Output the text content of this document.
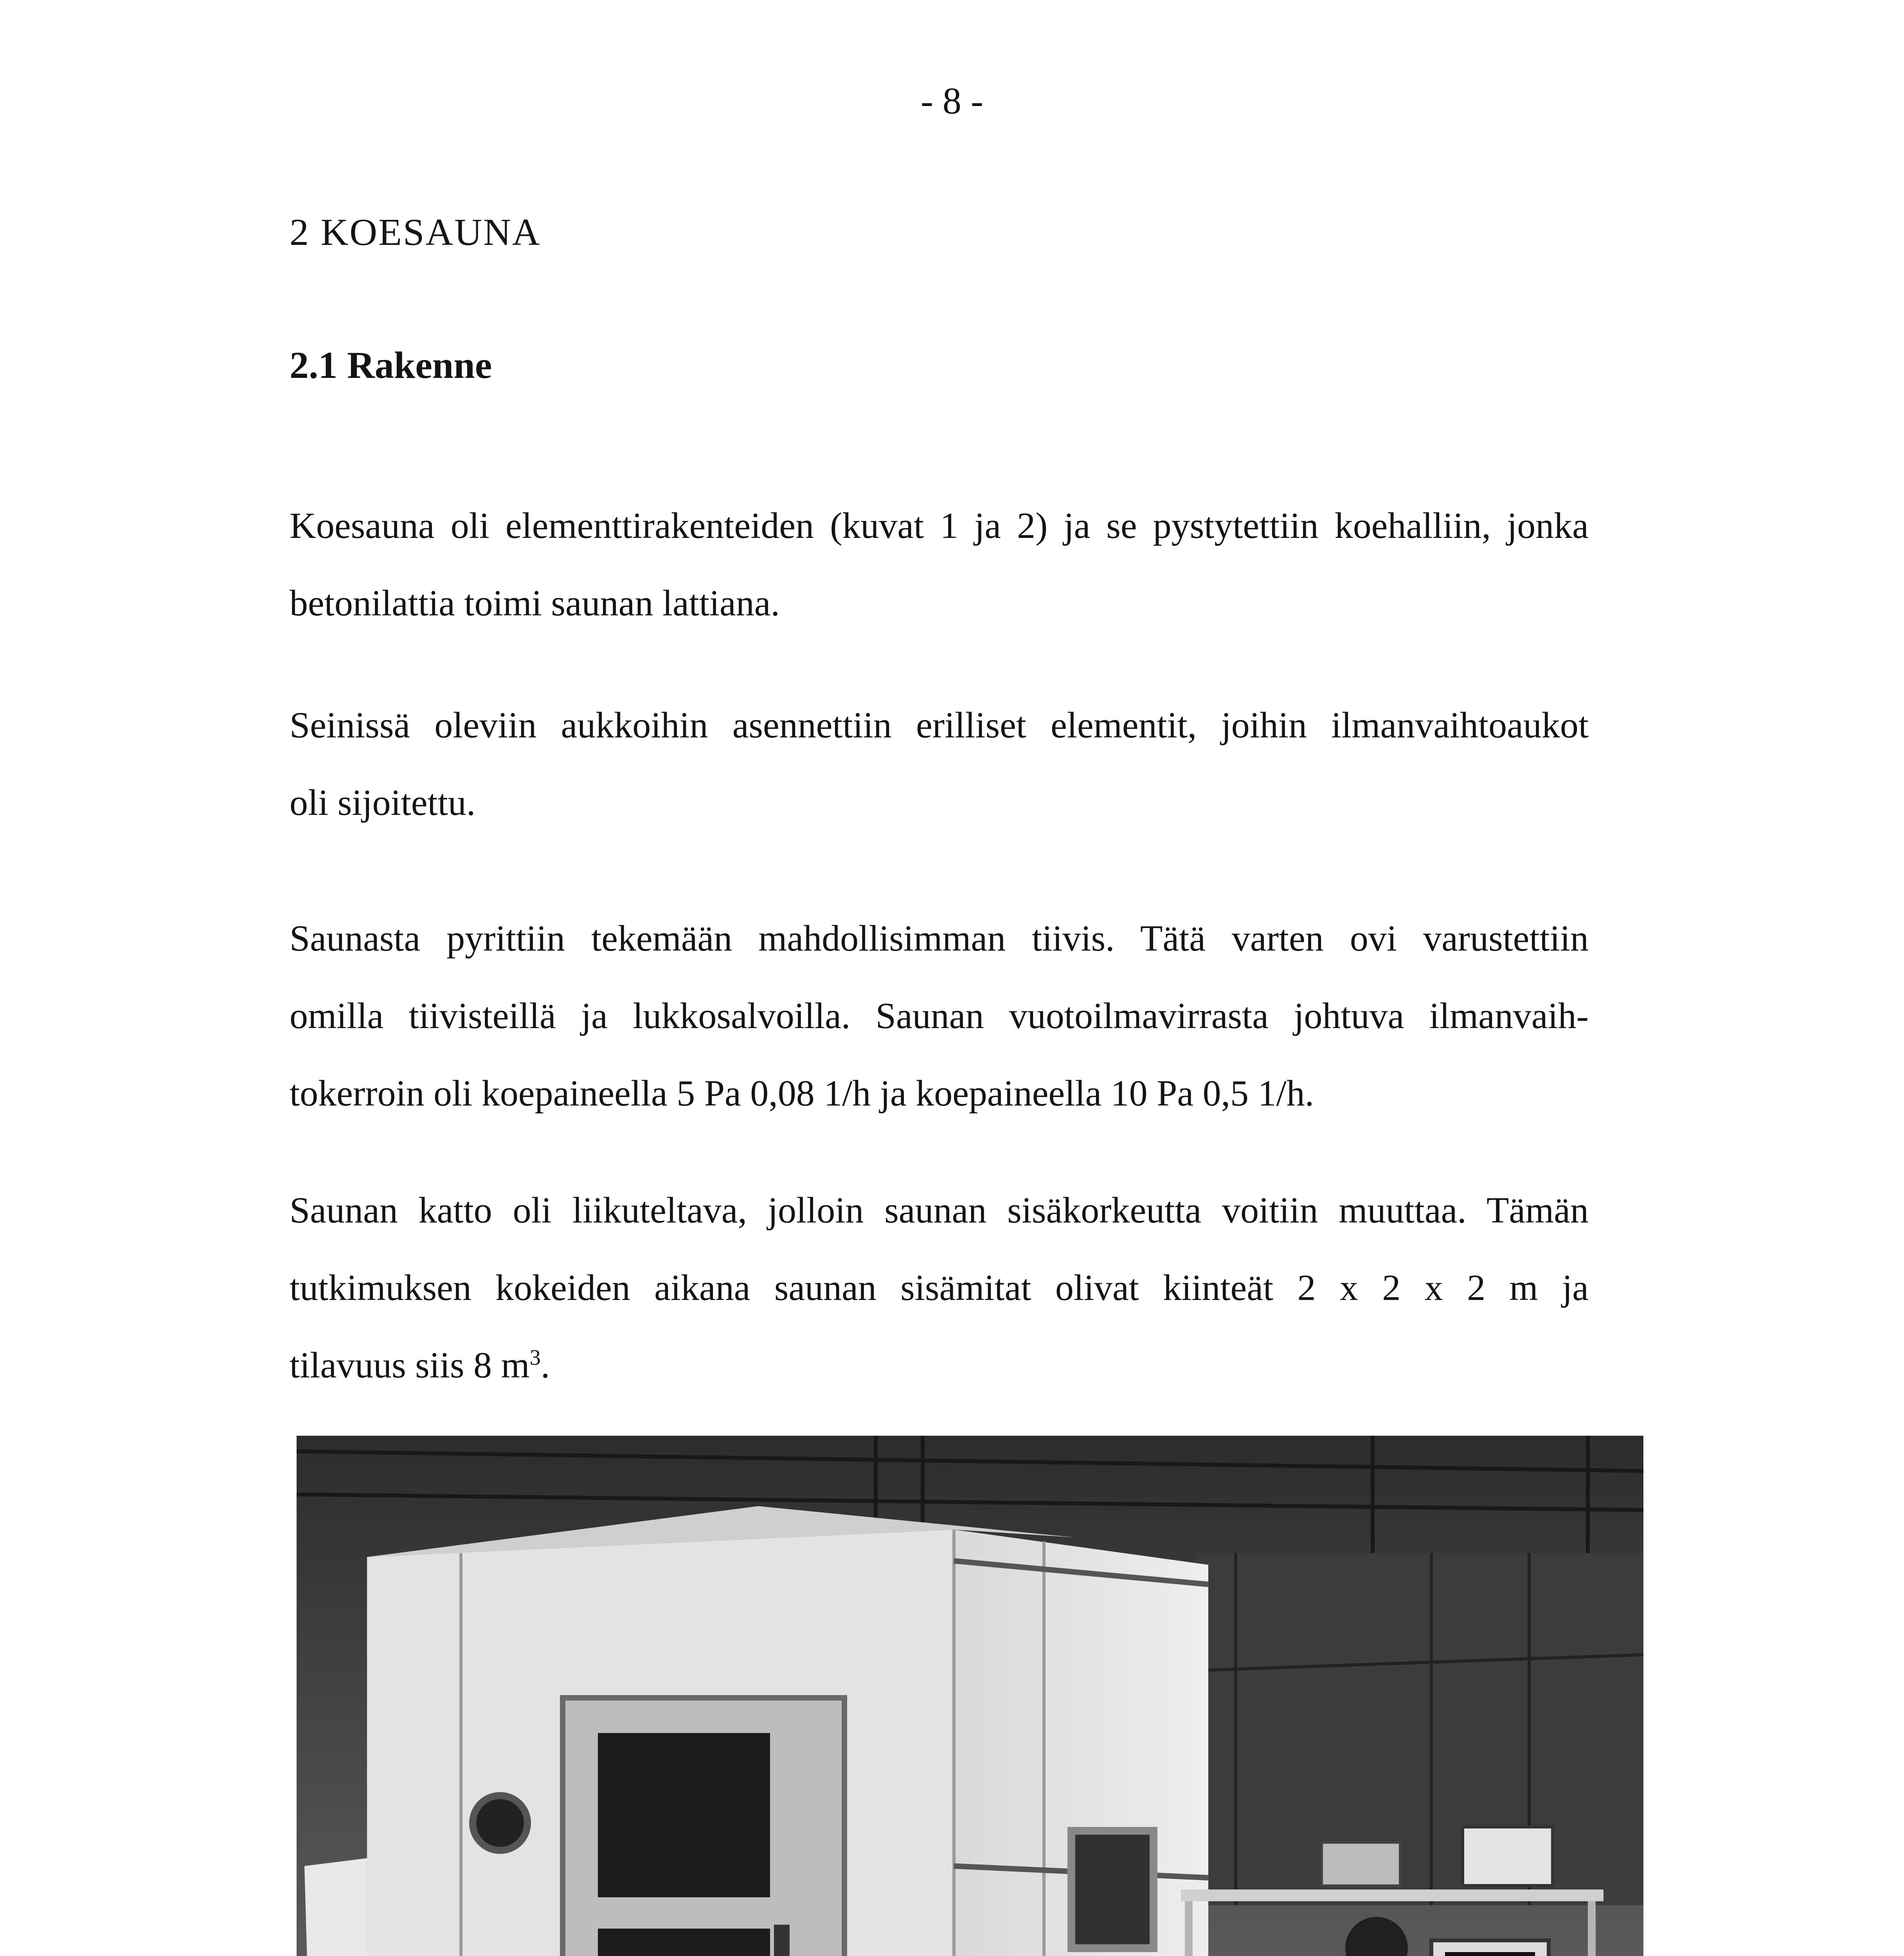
- 8 -
2 KOESAUNA
2.1 Rakenne
Koesauna oli elementtirakenteiden (kuvat 1 ja 2) ja se pystytettiin koehalliin, jonka
betonilattia toimi saunan lattiana.
Seinissä oleviin aukkoihin asennettiin erilliset elementit, joihin ilmanvaihtoaukot
oli sijoitettu.
Saunasta pyrittiin tekemään mahdollisimman tiivis. Tätä varten ovi varustettiin
omilla tiivisteillä ja lukkosalvoilla. Saunan vuotoilmavirrasta johtuva ilmanvaih-
tokerroin oli koepaineella 5 Pa 0,08 1/h ja koepaineella 10 Pa 0,5 1/h.
Saunan katto oli liikuteltava, jolloin saunan sisäkorkeutta voitiin muuttaa. Tämän
tutkimuksen kokeiden aikana saunan sisämitat olivat kiinteät 2 x 2 x 2 m ja
tilavuus siis 8 $m^3$.
